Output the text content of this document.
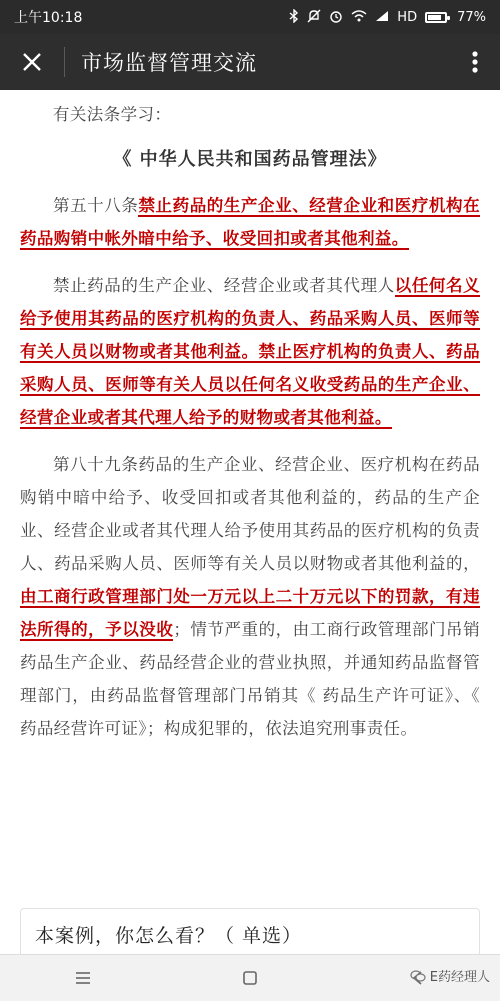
上午10:18	HD	77%
市场监督管理交流

有关法条学习：

《 中华人民共和国药品管理法》

第五十八条禁止药品的生产企业、经营企业和医疗机构在药品购销中帐外暗中给予、收受回扣或者其他利益。

禁止药品的生产企业、经营企业或者其代理人以任何名义给予使用其药品的医疗机构的负责人、药品采购人员、医师等有关人员以财物或者其他利益。禁止医疗机构的负责人、药品采购人员、医师等有关人员以任何名义收受药品的生产企业、经营企业或者其代理人给予的财物或者其他利益。

第八十九条药品的生产企业、经营企业、医疗机构在药品购销中暗中给予、收受回扣或者其他利益的，药品的生产企业、经营企业或者其代理人给予使用其药品的医疗机构的负责人、药品采购人员、医师等有关人员以财物或者其他利益的，由工商行政管理部门处一万元以上二十万元以下的罚款，有违法所得的，予以没收；情节严重的，由工商行政管理部门吊销药品生产企业、药品经营企业的营业执照，并通知药品监督管理部门，由药品监督管理部门吊销其《 药品生产许可证》、《 药品经营许可证》；构成犯罪的，依法追究刑事责任。

本案例，你怎么看？（ 单选）
E药经理人
